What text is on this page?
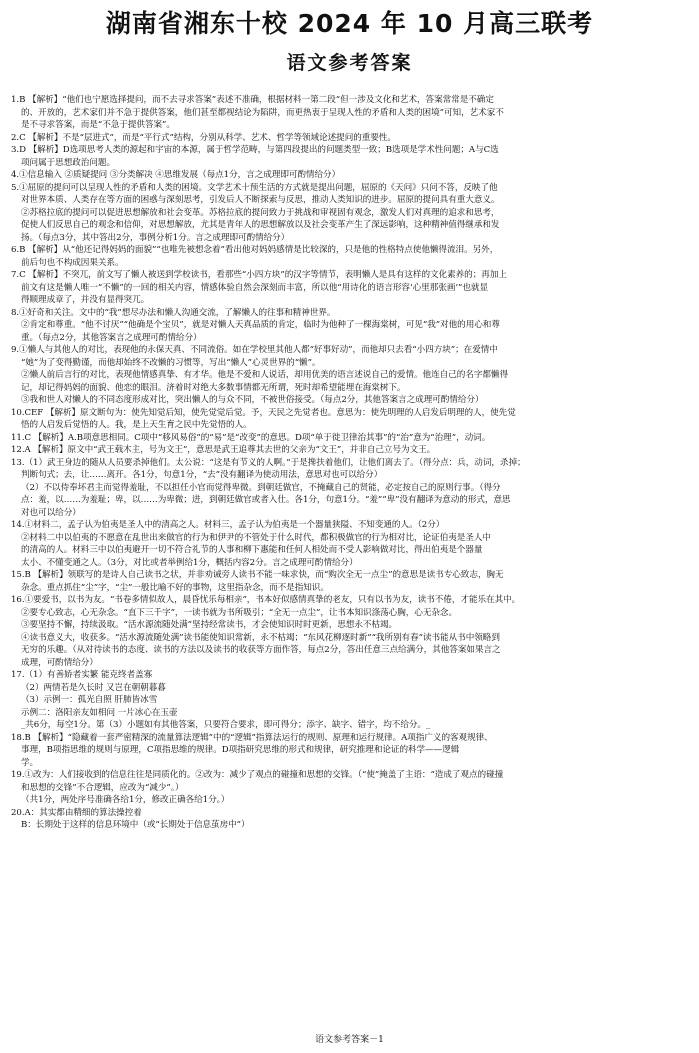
湖南省湘东十校 2024 年 10 月高三联考
语文参考答案
1.B 【解析】“他们也宁愿选择提问，而不去寻求答案”表述不准确，根据材料一第二段“但一涉及文化和艺术，答案常常是不确定
的、开放的，艺术家们并不急于提供答案，他们甚至都视结论为陷阱，而更热衷于呈现人性的矛盾和人类的困境”可知，艺术家不
是不寻求答案，而是“不急于提供答案”。
2.C 【解析】不是“层进式”，而是“平行式”结构，分别从科学、艺术、哲学等领域论述提问的重要性。
3.D 【解析】D选项思考人类的源起和宇宙的本源，属于哲学范畴，与第四段提出的问题类型一致；B选项是学术性问题；A与C选
项问属于思想政治问题。
4.①信息输入 ②质疑提问 ③分类解决 ④思维发展（每点1分，言之成理即可酌情给分）
5.①屈原的提问可以呈现人性的矛盾和人类的困境。文学艺术十预生活的方式就是提出问题，屈原的《天问》只问不答，反映了他
对世界本质、人类存在等方面的困惑与深刻思考，引发后人不断探索与反思，推动人类知识的进步。屈原的提问具有重大意义。
②苏格拉底的提问可以促进思想解放和社会变革。苏格拉底的提问致力于挑战和审视固有观念，激发人们对真理的追求和思考，
促使人们反思自己的观念和信仰，对思想解放，尤其是青年人的思想解放以及社会变革产生了深远影响，这种精神值得继承和发
扬。（每点3分，其中答出2分，事例分析1分。言之成理即可酌情给分）
6.B 【解析】从“他还记得妈妈的面貌”“也唯先被想念着”看出他对妈妈感情是比较深的，只是他的性格特点使他懒得流泪。另外，
前后句也不构成因果关系。
7.C 【解析】不突兀，前文写了懒人被送到学校读书，看那些“小四方块”的汉字等情节，表明懒人是具有这样的文化素养的；再加上
前文有这是懒人唯一“不懒”的一回的相关内容，情感体验自然会深刻而丰富，所以他“用诗化的语言形容‘心里那张画’”也就显
得顺理成章了，并没有显得突兀。
8.①好奇和关注。文中的“我”想尽办法和懒人沟通交流，了解懒人的往事和精神世界。
②肯定和尊重。“他不讨厌”“他确是个宝贝”，就是对懒人天真品质的肯定，临时为他种了一棵海棠树，可见“我”对他的用心和尊
重。（每点2分，其他答案言之成理可酌情给分）
9.①懒人与其他人的对比，表现他的永保天真、不同流俗。如在学校里其他人都“好事好动”，而他却只去看“小四方块”；在爱情中
“她”为了变得勤谨，而他却始终不改懒的习惯等，写出“懒人”心灵世界的“懒”。
②懒人前后言行的对比，表现他情感真挚、有才华。他是不爱和人说话，却用优美的语言述说自己的爱情。他连自己的名字都懒得
记，却记得妈妈的面貌、他恋的眼泪。济着时对绝大多数事情都无所谓，死时却希望能埋在海棠树下。
③我和世人对懒人的不同态度形成对比，突出懒人的与众不同，不被世俗接受。（每点2分，其他答案言之成理可酌情给分）
10.CEF 【解析】原文断句为：使先知觉后知，使先觉觉后觉。予，天民之先觉者也。意思为：使先明理的人启发后明理的人，使先觉
悟的人启发后觉悟的人。我，是上天生育之民中先觉悟的人。
11.C 【解析】A.B项意思相同。C项中“移风易俗”的“易”是“改变”的意思。D项“单于徙卫律治其事”的“治”意为“治理”，动词。
12.A 【解析】原文中“武王载木主，号为文王”，意思是武王追尊其去世的父亲为“文王”，并非自己立号为文王。
13.（1）武王身边的随从人员要杀掉他们。太公说：“这是有节义的人啊。”于是搀扶着他们，让他们离去了。（得分点：兵，动词，杀掉；
判断句式；去，让……离开。各1分，句意1分，“去”没有翻译为使动用法，意思对也可以给分）
（2）不以侍奉坏君主而觉得羞耻，不以担任小官而觉得卑微。到朝廷做官，不掩藏自己的贤能，必定按自己的原则行事。（得分
点：羞，以……为羞耻；卑，以……为卑微；进，到朝廷做官或者入仕。各1分，句意1分。“羞”“卑”没有翻译为意动的形式，意思
对也可以给分）
14.①材料二，孟子认为伯夷是圣人中的清高之人。材料三，孟子认为伯夷是一个器量狭隘、不知变通的人。（2分）
②材料二中以伯夷的不愿意在乱世出来做官的行为和伊尹的不管处于什么时代，都积极做官的行为相对比，论证伯夷是圣人中
的清高的人。材料三中以伯夷避开一切不符合礼节的人事和柳下惠能和任何人相处而不受人影响做对比，得出伯夷是个器量
太小、不懂变通之人。（3分，对比或者举例给1分，概括内容2分。言之成理可酌情给分）
15.B 【解析】领联写的是诗人自己读书之状，并非劝诫旁人读书不能一味求快，而“购次全无一点尘”的意思是读书专心致志，胸无
杂念。重点抓住“尘”字，“尘”一般比喻不好的事物，这里指杂念，而不是指知识。
16.①要爱书，以书为友。“书卷多情似故人，晨昏忧乐每相亲”，书本好似感情真挚的老友，只有以书为友，读书不倦，才能乐在其中。
②要专心致志，心无杂念。“直下三千字”，一读书就为书所吸引；“全无一点尘”，让书本知识涤荡心胸，心无杂念。
③要坚持不懈，持续汲取。“活水源流随处满”坚持经常读书，才会使知识时时更新，思想永不枯竭。
④读书意义大，收获多。“活水源流随处满”读书能使知识常新，永不枯竭；“东风花柳逐时新”“我所别有春”读书能从书中领略到
无穷的乐趣。（从对待读书的态度、读书的方法以及读书的收获等方面作答，每点2分，答出任意三点给满分，其他答案如果言之
成理，可酌情给分）
17.（1）有善娇者实繁 能克终者盖寡
（2）两情若是久长时 又岂在朝朝暮暮
（3）示例一：孤光自照 肝肺皆冰雪
示例二：洛阳亲友如相问 一片冰心在玉壶
_共6分，每空1分。第（3）小题如有其他答案，只要符合要求，即可得分；添字、缺字、错字，均不给分。_
18.B 【解析】“隐藏着一套严密精深的流量算法逻辑”中的“逻辑”指算法运行的规则、原理和运行规律。A项指广义的客观规律、
事理，B项指思维的规则与原理，C项指思维的规律。D项指研究思维的形式和规律，研究推理和论证的科学——逻辑
学。
19.①改为：人们接收到的信息往往是同质化的。②改为：减少了观点的碰撞和思想的交锋。（“使”掩盖了主语：“造成了观点的碰撞
和思想的交锋”不合逻辑，应改为“减少”。）
（共1分，两处序号准确各给1分，修改正确各给1分。）
20.A：其实都由精细的算法操控着
B：长期处于这样的信息环境中（或“长期处于信息茧房中”）
语文参考答案－1
